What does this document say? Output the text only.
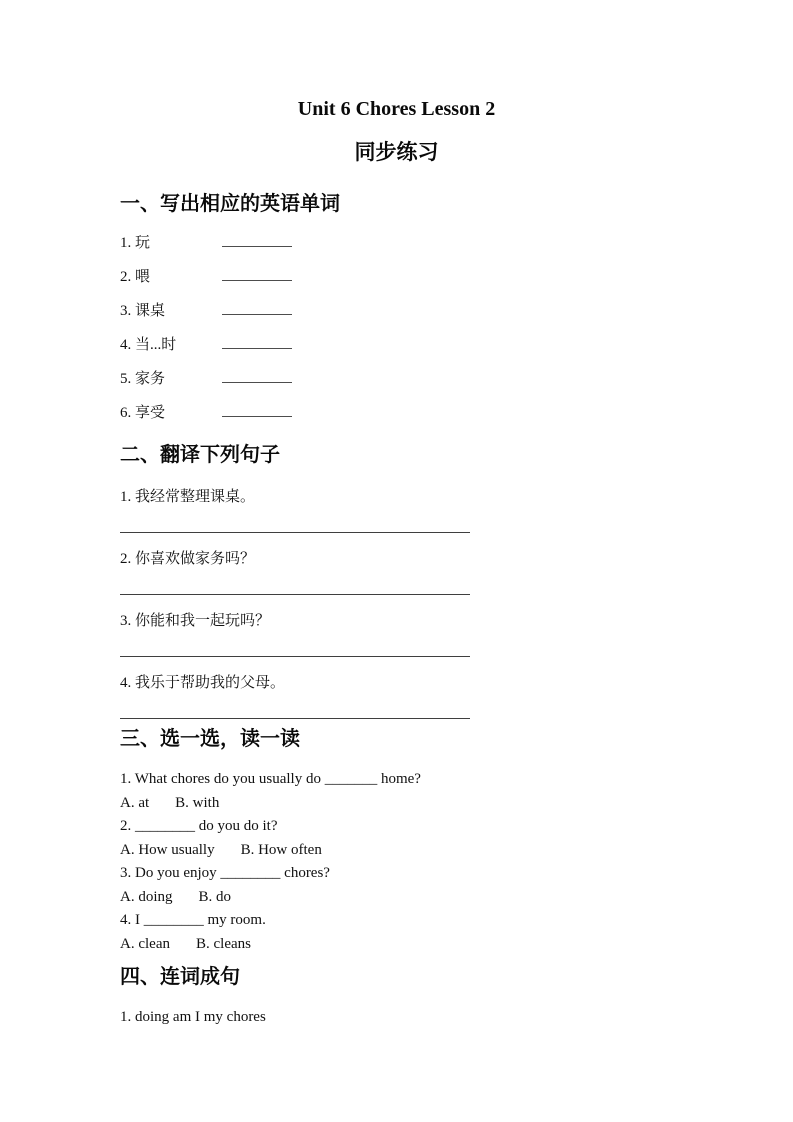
Unit 6 Chores Lesson 2
同步练习
一、写出相应的英语单词
1. 玩
2. 喂
3. 课桌
4. 当...时
5. 家务
6. 享受
二、翻译下列句子

1. 我经常整理课桌。

2. 你喜欢做家务吗？

3. 你能和我一起玩吗？

4. 我乐于帮助我的父母。

三、选一选，读一读

1. What chores do you usually do _______ home?

A. at B. with

2. ________ do you do it?

A. How usually B. How often

3. Do you enjoy ________ chores?

A. doing B. do

4. I ________ my room.

A. clean B. cleans
四、连词成句

1. doing am I my chores
